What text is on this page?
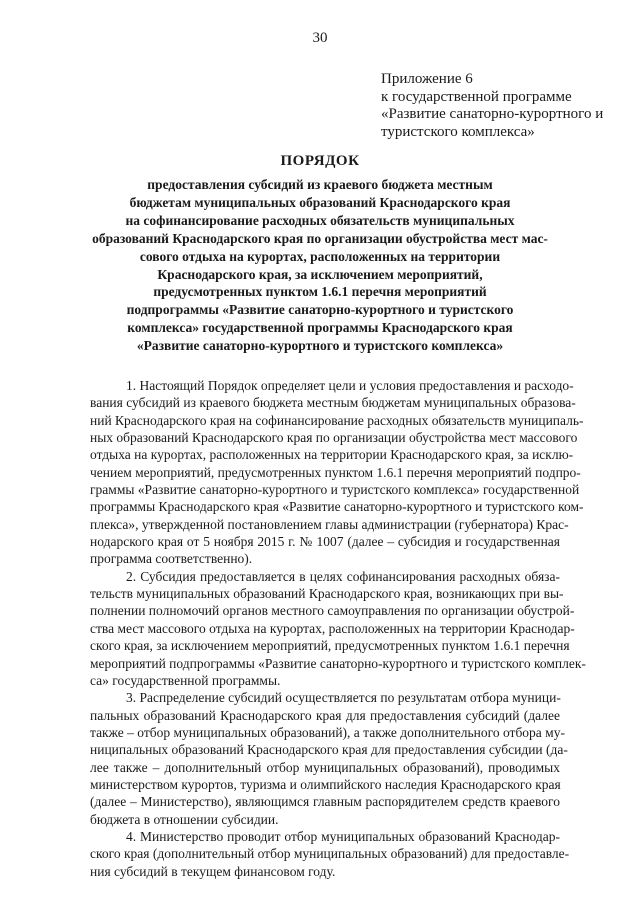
30
Приложение 6
к государственной программе
«Развитие санаторно-курортного и
туристского комплекса»
ПОРЯДОК
предоставления субсидий из краевого бюджета местным
бюджетам муниципальных образований Краснодарского края
на софинансирование расходных обязательств муниципальных
образований Краснодарского края по организации обустройства мест мас-
сового отдыха на курортах, расположенных на территории
Краснодарского края, за исключением мероприятий,
предусмотренных пунктом 1.6.1 перечня мероприятий
подпрограммы «Развитие санаторно-курортного и туристского
комплекса» государственной программы Краснодарского края
«Развитие санаторно-курортного и туристского комплекса»
1. Настоящий Порядок определяет цели и условия предоставления и расходо-
вания субсидий из краевого бюджета местным бюджетам муниципальных образова-
ний Краснодарского края на софинансирование расходных обязательств муниципаль-
ных образований Краснодарского края по организации обустройства мест массового
отдыха на курортах, расположенных на территории Краснодарского края, за исклю-
чением мероприятий, предусмотренных пунктом 1.6.1 перечня мероприятий подпро-
граммы «Развитие санаторно-курортного и туристского комплекса» государственной
программы Краснодарского края «Развитие санаторно-курортного и туристского ком-
плекса», утвержденной постановлением главы администрации (губернатора) Крас-
нодарского края от 5 ноября 2015 г. № 1007 (далее – субсидия и государственная
программа соответственно).
2. Субсидия предоставляется в целях софинансирования расходных обяза-
тельств муниципальных образований Краснодарского края, возникающих при вы-
полнении полномочий органов местного самоуправления по организации обустрой-
ства мест массового отдыха на курортах, расположенных на территории Краснодар-
ского края, за исключением мероприятий, предусмотренных пунктом 1.6.1 перечня
мероприятий подпрограммы «Развитие санаторно-курортного и туристского комплек-
са» государственной программы.
3. Распределение субсидий осуществляется по результатам отбора муници-
пальных образований Краснодарского края для предоставления субсидий (далее
также – отбор муниципальных образований), а также дополнительного отбора му-
ниципальных образований Краснодарского края для предоставления субсидии (да-
лее также – дополнительный отбор муниципальных образований), проводимых
министерством курортов, туризма и олимпийского наследия Краснодарского края
(далее – Министерство), являющимся главным распорядителем средств краевого
бюджета в отношении субсидии.
4. Министерство проводит отбор муниципальных образований Краснодар-
ского края (дополнительный отбор муниципальных образований) для предоставле-
ния субсидий в текущем финансовом году.
